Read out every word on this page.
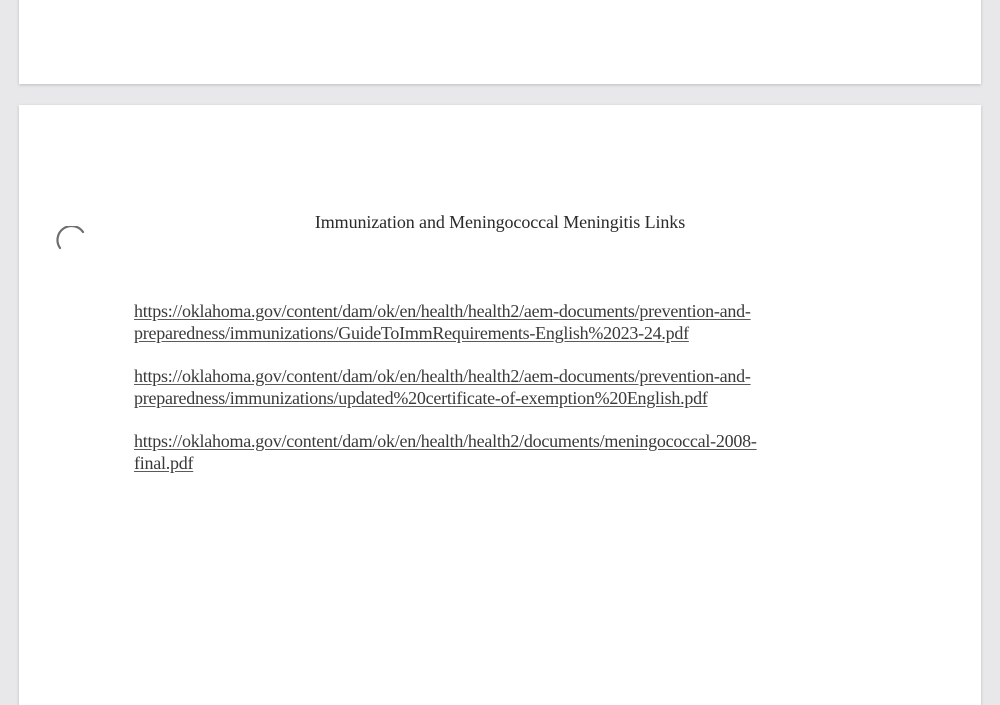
Immunization and Meningococcal Meningitis Links
https://oklahoma.gov/content/dam/ok/en/health/health2/aem-documents/prevention-and-
preparedness/immunizations/GuideToImmRequirements-English%2023-24.pdf
https://oklahoma.gov/content/dam/ok/en/health/health2/aem-documents/prevention-and-
preparedness/immunizations/updated%20certificate-of-exemption%20English.pdf
https://oklahoma.gov/content/dam/ok/en/health/health2/documents/meningococcal-2008-
final.pdf
